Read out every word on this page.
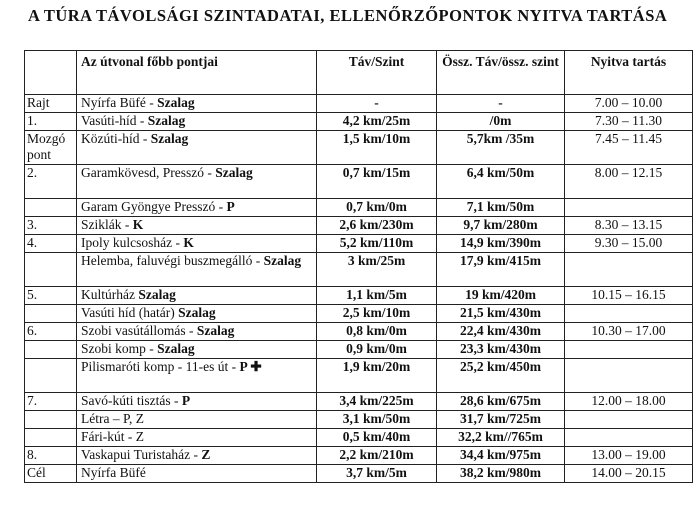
A TÚRA TÁVOLSÁGI SZINTADATAI, ELLENŐRZŐPONTOK NYITVA TARTÁSA
	Az útvonal főbb pontjai	Táv/Szint	Össz. Táv/össz. szint	Nyitva tartás
Rajt	Nyírfa Büfé - Szalag	-	-	7.00 – 10.00
1.	Vasúti-híd - Szalag	4,2 km/25m	/0m	7.30 – 11.30
Mozgó pont	Közúti-híd - Szalag	1,5 km/10m	5,7km /35m	7.45 – 11.45
2.	Garamkövesd, Presszó - Szalag	0,7 km/15m	6,4 km/50m	8.00 – 12.15
	Garam Gyöngye Presszó - P	0,7 km/0m	7,1 km/50m	
3.	Sziklák - K	2,6 km/230m	9,7 km/280m	8.30 – 13.15
4.	Ipoly kulcsosház - K	5,2 km/110m	14,9 km/390m	9.30 – 15.00
	Helemba, faluvégi buszmegálló - Szalag	3 km/25m	17,9 km/415m	
5.	Kultúrház Szalag	1,1 km/5m	19 km/420m	10.15 – 16.15
	Vasúti híd (határ) Szalag	2,5 km/10m	21,5 km/430m	
6.	Szobi vasútállomás - Szalag	0,8 km/0m	22,4 km/430m	10.30 – 17.00
	Szobi komp - Szalag	0,9 km/0m	23,3 km/430m	
	Pilismaróti komp - 11-es út - P ✚	1,9 km/20m	25,2 km/450m	
7.	Savó-kúti tisztás - P	3,4 km/225m	28,6 km/675m	12.00 – 18.00
	Létra – P, Z	3,1 km/50m	31,7 km/725m	
	Fári-kút - Z	0,5 km/40m	32,2 km//765m	
8.	Vaskapui Turistaház - Z	2,2 km/210m	34,4 km/975m	13.00 – 19.00
Cél	Nyírfa Büfé	3,7 km/5m	38,2 km/980m	14.00 – 20.15
